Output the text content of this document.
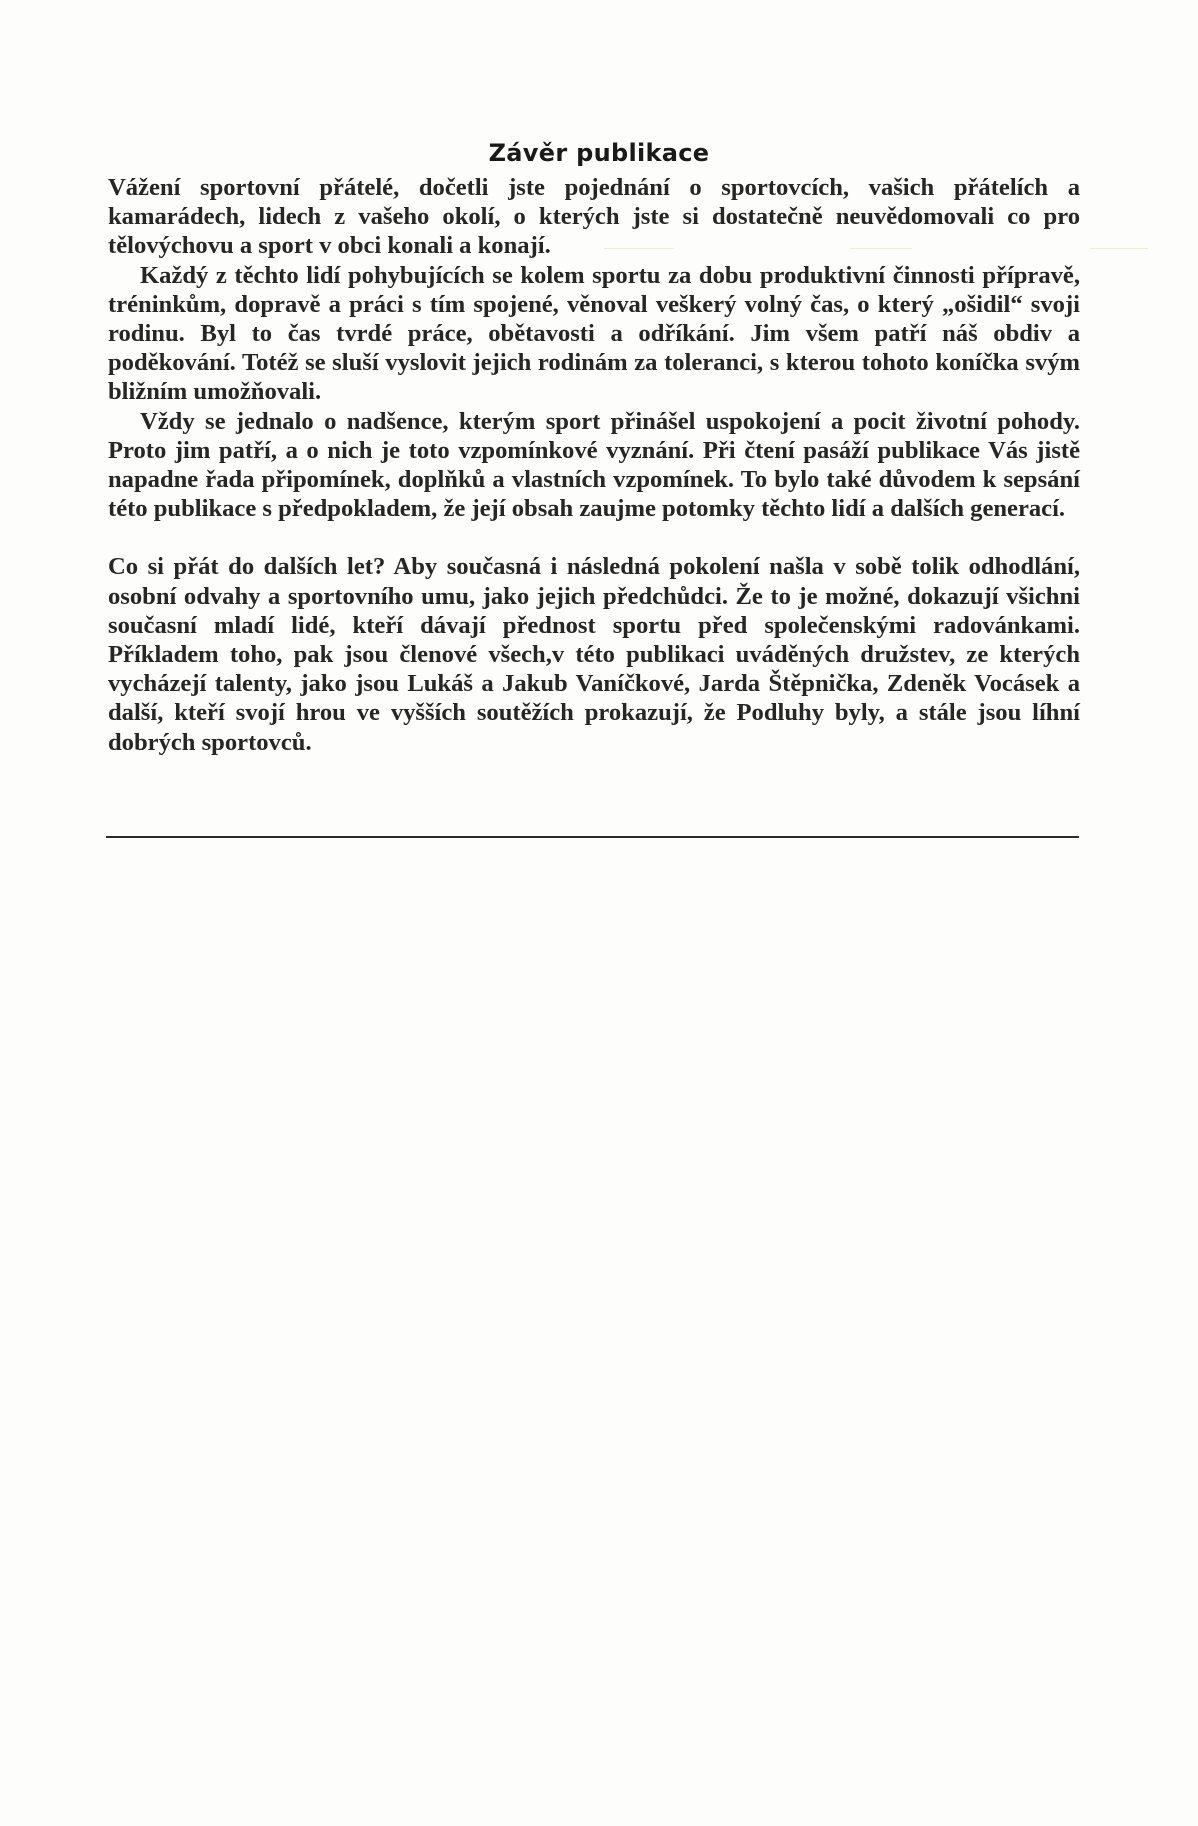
Závěr publikace

Vážení sportovní přátelé, dočetli jste pojednání o sportovcích, vašich přátelích a kamarádech, lidech z vašeho okolí, o kterých jste si dostatečně neuvědomovali co pro tělovýchovu a sport v obci konali a konají.

Každý z těchto lidí pohybujících se kolem sportu za dobu produktivní činnosti přípravě, tréninkům, dopravě a práci s tím spojené, věnoval veškerý volný čas, o který „ošidil“ svoji rodinu. Byl to čas tvrdé práce, obětavosti a odříkání. Jim všem patří náš obdiv a poděkování. Totéž se sluší vyslovit jejich rodinám za toleranci, s kterou tohoto koníčka svým bližním umožňovali.

Vždy se jednalo o nadšence, kterým sport přinášel uspokojení a pocit životní pohody. Proto jim patří, a o nich je toto vzpomínkové vyznání. Při čtení pasáží publikace Vás jistě napadne řada připomínek, doplňků a vlastních vzpomínek. To bylo také důvodem k sepsání této publikace s předpokladem, že její obsah zaujme potomky těchto lidí a dalších generací.

Co si přát do dalších let? Aby současná i následná pokolení našla v sobě tolik odhodlání, osobní odvahy a sportovního umu, jako jejich předchůdci. Že to je možné, dokazují všichni současní mladí lidé, kteří dávají přednost sportu před společenskými radovánkami. Příkladem toho, pak jsou členové všech,v této publikaci uváděných družstev, ze kterých vycházejí talenty, jako jsou Lukáš a Jakub Vaníčkové, Jarda Štěpnička, Zdeněk Vocásek a další, kteří svojí hrou ve vyšších soutěžích prokazují, že Podluhy byly, a stále jsou líhní dobrých sportovců.
